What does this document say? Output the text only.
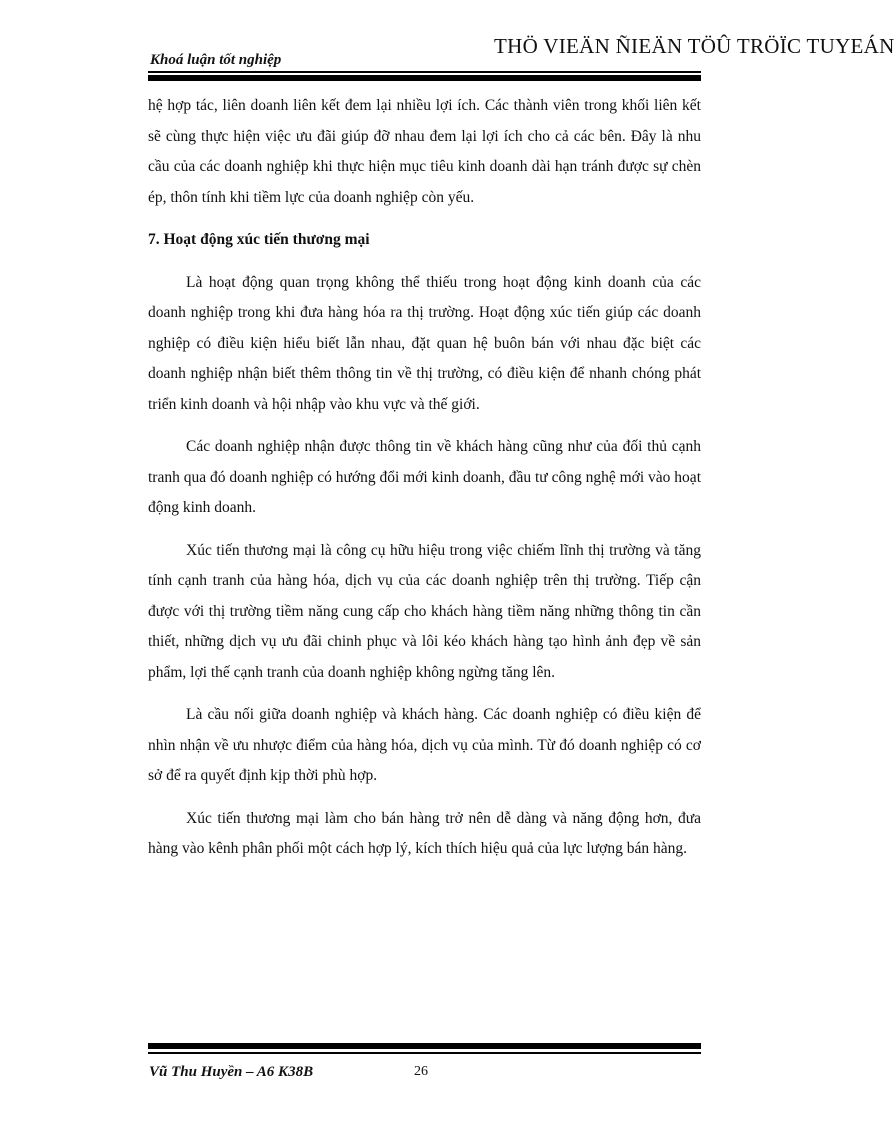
Khoá luận tốt nghiệp
THÖ VIEÄN ÑIEÄN TÖÛ TRÖÏC TUYEÁN

hệ hợp tác, liên doanh liên kết đem lại nhiều lợi ích. Các thành viên trong khối liên kết sẽ cùng thực hiện việc ưu đãi giúp đỡ nhau đem lại lợi ích cho cả các bên. Đây là nhu cầu của các doanh nghiệp khi thực hiện mục tiêu kinh doanh dài hạn tránh được sự chèn ép, thôn tính khi tiềm lực của doanh nghiệp còn yếu.

7. Hoạt động xúc tiến thương mại

Là hoạt động quan trọng không thể thiếu trong hoạt động kinh doanh của các doanh nghiệp trong khi đưa hàng hóa ra thị trường. Hoạt động xúc tiến giúp các doanh nghiệp có điều kiện hiểu biết lẫn nhau, đặt quan hệ buôn bán với nhau đặc biệt các doanh nghiệp nhận biết thêm thông tin về thị trường, có điều kiện để nhanh chóng phát triển kinh doanh và hội nhập vào khu vực và thế giới.

Các doanh nghiệp nhận được thông tin về khách hàng cũng như của đối thủ cạnh tranh qua đó doanh nghiệp có hướng đổi mới kinh doanh, đầu tư công nghệ mới vào hoạt động kinh doanh.

Xúc tiến thương mại là công cụ hữu hiệu trong việc chiếm lĩnh thị trường và tăng tính cạnh tranh của hàng hóa, dịch vụ của các doanh nghiệp trên thị trường. Tiếp cận được với thị trường tiềm năng cung cấp cho khách hàng tiềm năng những thông tin cần thiết, những dịch vụ ưu đãi chinh phục và lôi kéo khách hàng tạo hình ảnh đẹp về sản phẩm, lợi thế cạnh tranh của doanh nghiệp không ngừng tăng lên.

Là cầu nối giữa doanh nghiệp và khách hàng. Các doanh nghiệp có điều kiện để nhìn nhận về ưu nhược điểm của hàng hóa, dịch vụ của mình. Từ đó doanh nghiệp có cơ sở để ra quyết định kịp thời phù hợp.

Xúc tiến thương mại làm cho bán hàng trở nên dễ dàng và năng động hơn, đưa hàng vào kênh phân phối một cách hợp lý, kích thích hiệu quả của lực lượng bán hàng.

Vũ Thu Huyền – A6 K38B	26
